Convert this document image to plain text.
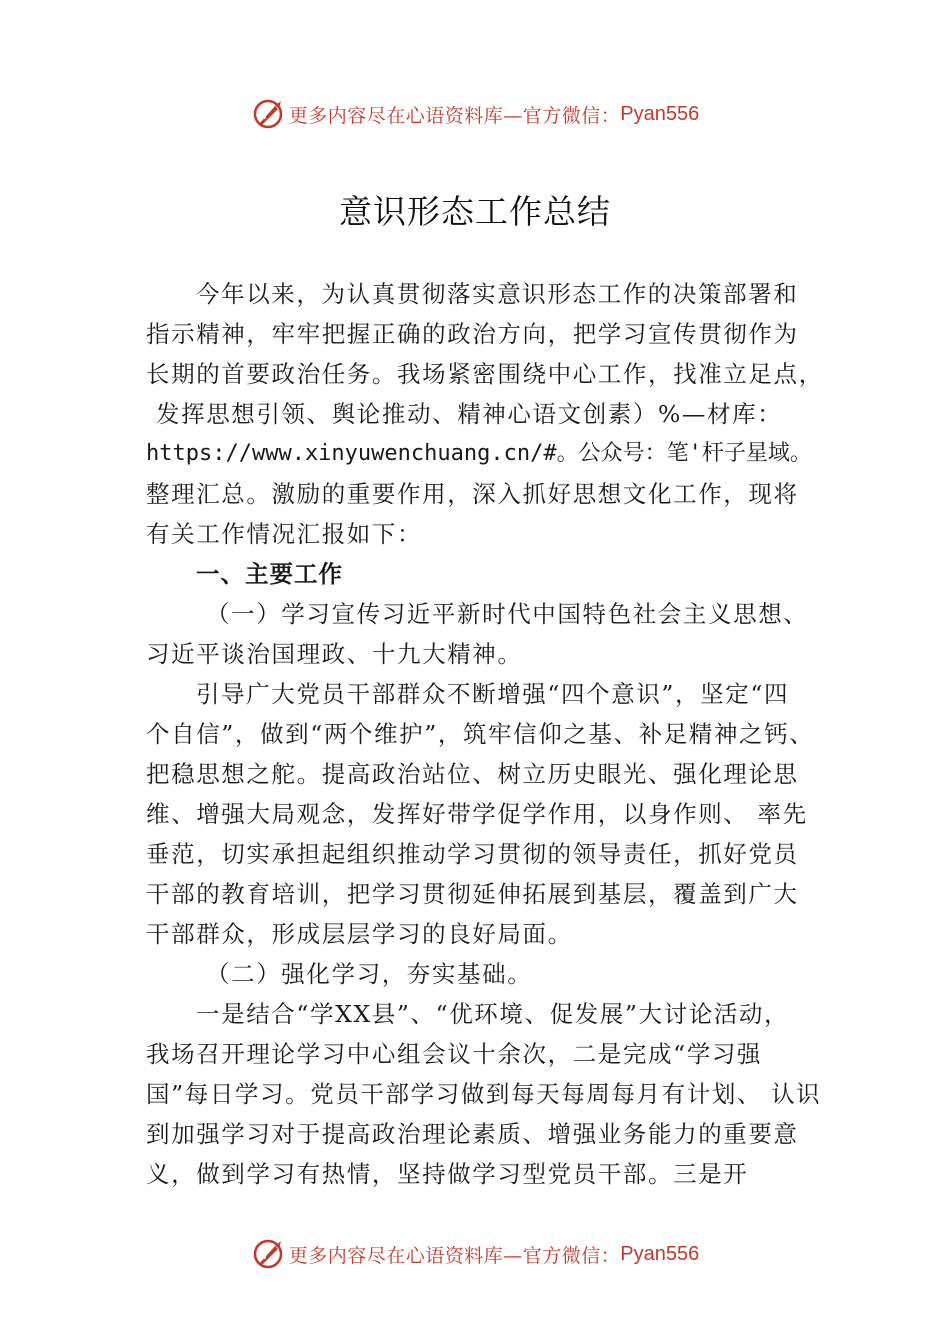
更多内容尽在心语资料库—官方微信： Pyan556
意识形态工作总结
今年以来，为认真贯彻落实意识形态工作的决策部署和
指示精神，牢牢把握正确的政治方向，把学习宣传贯彻作为
长期的首要政治任务。我场紧密围绕中心工作，找准立足点，
发挥思想引领、舆论推动、精神心语文创素）%—材库：
https://www.xinyuwenchuang.cn/#。公众号：笔'杆子星域。
整理汇总。激励的重要作用，深入抓好思想文化工作，现将
有关工作情况汇报如下：
一、主要工作
（一）学习宣传习近平新时代中国特色社会主义思想、
习近平谈治国理政、十九大精神。
引导广大党员干部群众不断增强“四个意识”，坚定“四
个自信”，做到“两个维护”，筑牢信仰之基、补足精神之钙、
把稳思想之舵。提高政治站位、树立历史眼光、强化理论思
维、增强大局观念，发挥好带学促学作用，以身作则、 率先
垂范，切实承担起组织推动学习贯彻的领导责任，抓好党员
干部的教育培训，把学习贯彻延伸拓展到基层，覆盖到广大
干部群众，形成层层学习的良好局面。
（二）强化学习，夯实基础。
一是结合“学XX县”、“优环境、促发展”大讨论活动，
我场召开理论学习中心组会议十余次，二是完成“学习强
国”每日学习。党员干部学习做到每天每周每月有计划、 认识
到加强学习对于提高政治理论素质、增强业务能力的重要意
义，做到学习有热情，坚持做学习型党员干部。三是开
更多内容尽在心语资料库—官方微信： Pyan556
